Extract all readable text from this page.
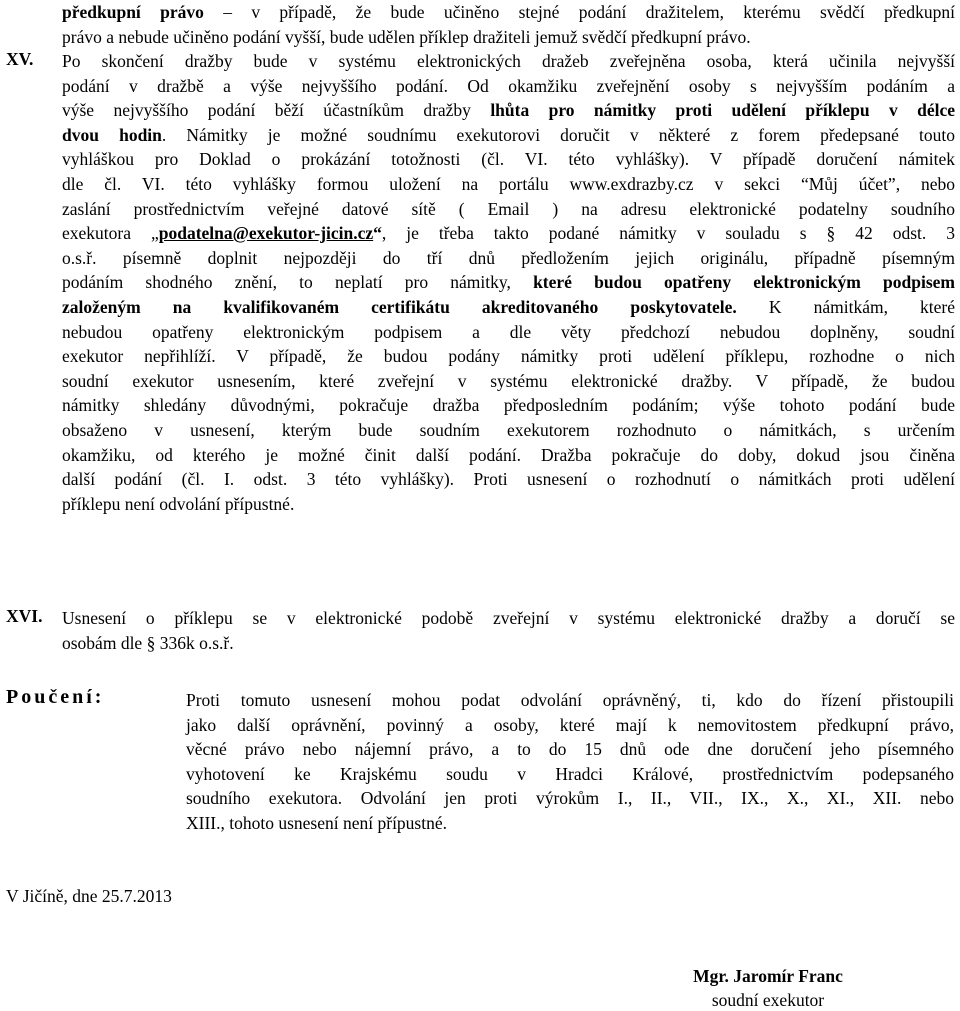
předkupní právo – v případě, že bude učiněno stejné podání dražitelem, kterému svědčí předkupní
právo a nebude učiněno podání vyšší, bude udělen příklep dražiteli jemuž svědčí předkupní právo.
XV. Po skončení dražby bude v systému elektronických dražeb zveřejněna osoba, která učinila nejvyšší
podání v dražbě a výše nejvyššího podání. Od okamžiku zveřejnění osoby s nejvyšším podáním a
výše nejvyššího podání běží účastníkům dražby lhůta pro námitky proti udělení příklepu v délce
dvou hodin. Námitky je možné soudnímu exekutorovi doručit v některé z forem předepsané touto
vyhláškou pro Doklad o prokázání totožnosti (čl. VI. této vyhlášky). V případě doručení námitek
dle čl. VI. této vyhlášky formou uložení na portálu www.exdrazby.cz v sekci “Můj účet”, nebo
zaslání prostřednictvím veřejné datové sítě ( Email ) na adresu elektronické podatelny soudního
exekutora „podatelna@exekutor-jicin.cz“, je třeba takto podané námitky v souladu s § 42 odst. 3
o.s.ř. písemně doplnit nejpozději do tří dnů předložením jejich originálu, případně písemným
podáním shodného znění, to neplatí pro námitky, které budou opatřeny elektronickým podpisem
založeným na kvalifikovaném certifikátu akreditovaného poskytovatele. K námitkám, které
nebudou opatřeny elektronickým podpisem a dle věty předchozí nebudou doplněny, soudní
exekutor nepřihlíží. V případě, že budou podány námitky proti udělení příklepu, rozhodne o nich
soudní exekutor usnesením, které zveřejní v systému elektronické dražby. V případě, že budou
námitky shledány důvodnými, pokračuje dražba předposledním podáním; výše tohoto podání bude
obsaženo v usnesení, kterým bude soudním exekutorem rozhodnuto o námitkách, s určením
okamžiku, od kterého je možné činit další podání. Dražba pokračuje do doby, dokud jsou činěna
další podání (čl. I. odst. 3 této vyhlášky). Proti usnesení o rozhodnutí o námitkách proti udělení
příklepu není odvolání přípustné.
XVI. Usnesení o příklepu se v elektronické podobě zveřejní v systému elektronické dražby a doručí se
osobám dle § 336k o.s.ř.
Poučení:	Proti tomuto usnesení mohou podat odvolání oprávněný, ti, kdo do řízení přistoupili
jako další oprávnění, povinný a osoby, které mají k nemovitostem předkupní právo,
věcné právo nebo nájemní právo, a to do 15 dnů ode dne doručení jeho písemného
vyhotovení ke Krajskému soudu v Hradci Králové, prostřednictvím podepsaného
soudního exekutora. Odvolání jen proti výrokům I., II., VII., IX., X., XI., XII. nebo
XIII., tohoto usnesení není přípustné.
V Jičíně, dne 25.7.2013
Mgr. Jaromír Franc
soudní exekutor
